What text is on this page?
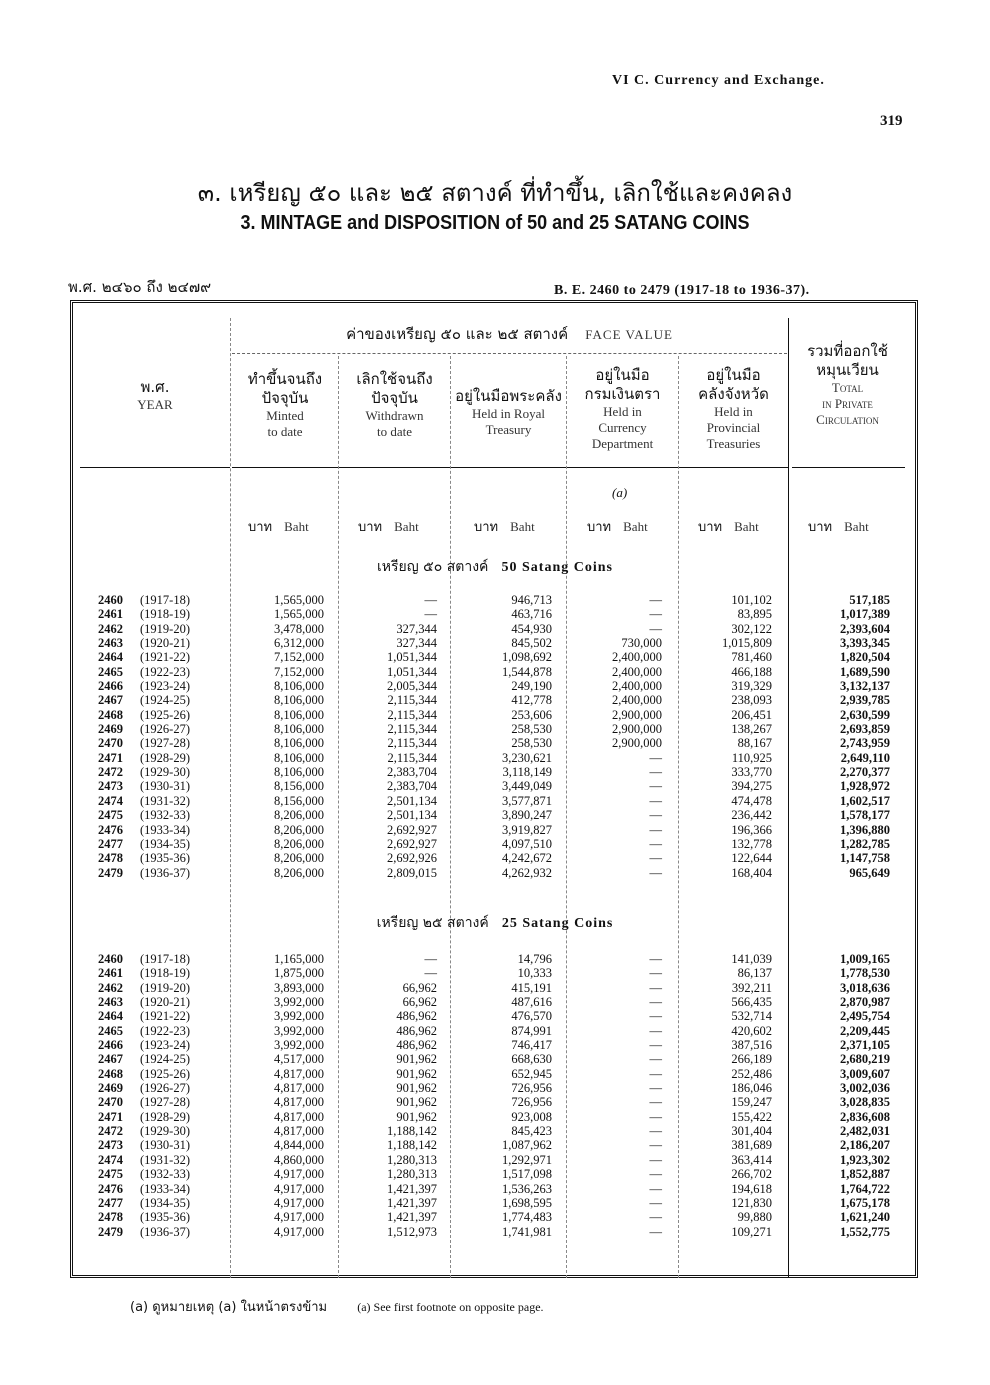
VI C. Currency and Exchange.
319
๓. เหรียญ ๕๐ และ ๒๕ สตางค์ ที่ทำขึ้น, เลิกใช้และคงคลง
3. MINTAGE and DISPOSITION of 50 and 25 SATANG COINS
พ.ศ. ๒๔๖๐ ถึง ๒๔๗๙	B. E. 2460 to 2479 (1917-18 to 1936-37).
พ.ศ.
YEAR
ค่าของเหรียญ ๕๐ และ ๒๕ สตางค์ FACE VALUE
ทำขึ้นจนถึง
ปัจจุบัน
Minted
to date
เลิกใช้จนถึง
ปัจจุบัน
Withdrawn
to date
อยู่ในมือพระคลัง
Held in Royal
Treasury
อยู่ในมือ
กรมเงินตรา
Held in
Currency
Department
อยู่ในมือ
คลังจังหวัด
Held in
Provincial
Treasuries
รวมที่ออกใช้
หมุนเวียน
Total
in Private
Circulation
(a)
บาท Baht	บาท Baht	บาท Baht	บาท Baht	บาท Baht	บาท Baht
เหรียญ ๕๐ สตางค์ 50 Satang Coins
2460	(1917-18)	1,565,000	—	946,713	—	101,102	517,185
2461	(1918-19)	1,565,000	—	463,716	—	83,895	1,017,389
2462	(1919-20)	3,478,000	327,344	454,930	—	302,122	2,393,604
2463	(1920-21)	6,312,000	327,344	845,502	730,000	1,015,809	3,393,345
2464	(1921-22)	7,152,000	1,051,344	1,098,692	2,400,000	781,460	1,820,504
2465	(1922-23)	7,152,000	1,051,344	1,544,878	2,400,000	466,188	1,689,590
2466	(1923-24)	8,106,000	2,005,344	249,190	2,400,000	319,329	3,132,137
2467	(1924-25)	8,106,000	2,115,344	412,778	2,400,000	238,093	2,939,785
2468	(1925-26)	8,106,000	2,115,344	253,606	2,900,000	206,451	2,630,599
2469	(1926-27)	8,106,000	2,115,344	258,530	2,900,000	138,267	2,693,859
2470	(1927-28)	8,106,000	2,115,344	258,530	2,900,000	88,167	2,743,959
2471	(1928-29)	8,106,000	2,115,344	3,230,621	—	110,925	2,649,110
2472	(1929-30)	8,106,000	2,383,704	3,118,149	—	333,770	2,270,377
2473	(1930-31)	8,156,000	2,383,704	3,449,049	—	394,275	1,928,972
2474	(1931-32)	8,156,000	2,501,134	3,577,871	—	474,478	1,602,517
2475	(1932-33)	8,206,000	2,501,134	3,890,247	—	236,442	1,578,177
2476	(1933-34)	8,206,000	2,692,927	3,919,827	—	196,366	1,396,880
2477	(1934-35)	8,206,000	2,692,927	4,097,510	—	132,778	1,282,785
2478	(1935-36)	8,206,000	2,692,926	4,242,672	—	122,644	1,147,758
2479	(1936-37)	8,206,000	2,809,015	4,262,932	—	168,404	965,649
เหรียญ ๒๕ สตางค์ 25 Satang Coins
2460	(1917-18)	1,165,000	—	14,796	—	141,039	1,009,165
2461	(1918-19)	1,875,000	—	10,333	—	86,137	1,778,530
2462	(1919-20)	3,893,000	66,962	415,191	—	392,211	3,018,636
2463	(1920-21)	3,992,000	66,962	487,616	—	566,435	2,870,987
2464	(1921-22)	3,992,000	486,962	476,570	—	532,714	2,495,754
2465	(1922-23)	3,992,000	486,962	874,991	—	420,602	2,209,445
2466	(1923-24)	3,992,000	486,962	746,417	—	387,516	2,371,105
2467	(1924-25)	4,517,000	901,962	668,630	—	266,189	2,680,219
2468	(1925-26)	4,817,000	901,962	652,945	—	252,486	3,009,607
2469	(1926-27)	4,817,000	901,962	726,956	—	186,046	3,002,036
2470	(1927-28)	4,817,000	901,962	726,956	—	159,247	3,028,835
2471	(1928-29)	4,817,000	901,962	923,008	—	155,422	2,836,608
2472	(1929-30)	4,817,000	1,188,142	845,423	—	301,404	2,482,031
2473	(1930-31)	4,844,000	1,188,142	1,087,962	—	381,689	2,186,207
2474	(1931-32)	4,860,000	1,280,313	1,292,971	—	363,414	1,923,302
2475	(1932-33)	4,917,000	1,280,313	1,517,098	—	266,702	1,852,887
2476	(1933-34)	4,917,000	1,421,397	1,536,263	—	194,618	1,764,722
2477	(1934-35)	4,917,000	1,421,397	1,698,595	—	121,830	1,675,178
2478	(1935-36)	4,917,000	1,421,397	1,774,483	—	99,880	1,621,240
2479	(1936-37)	4,917,000	1,512,973	1,741,981	—	109,271	1,552,775
(a) ดูหมายเหตุ (a) ในหน้าตรงข้าม	(a) See first footnote on opposite page.
